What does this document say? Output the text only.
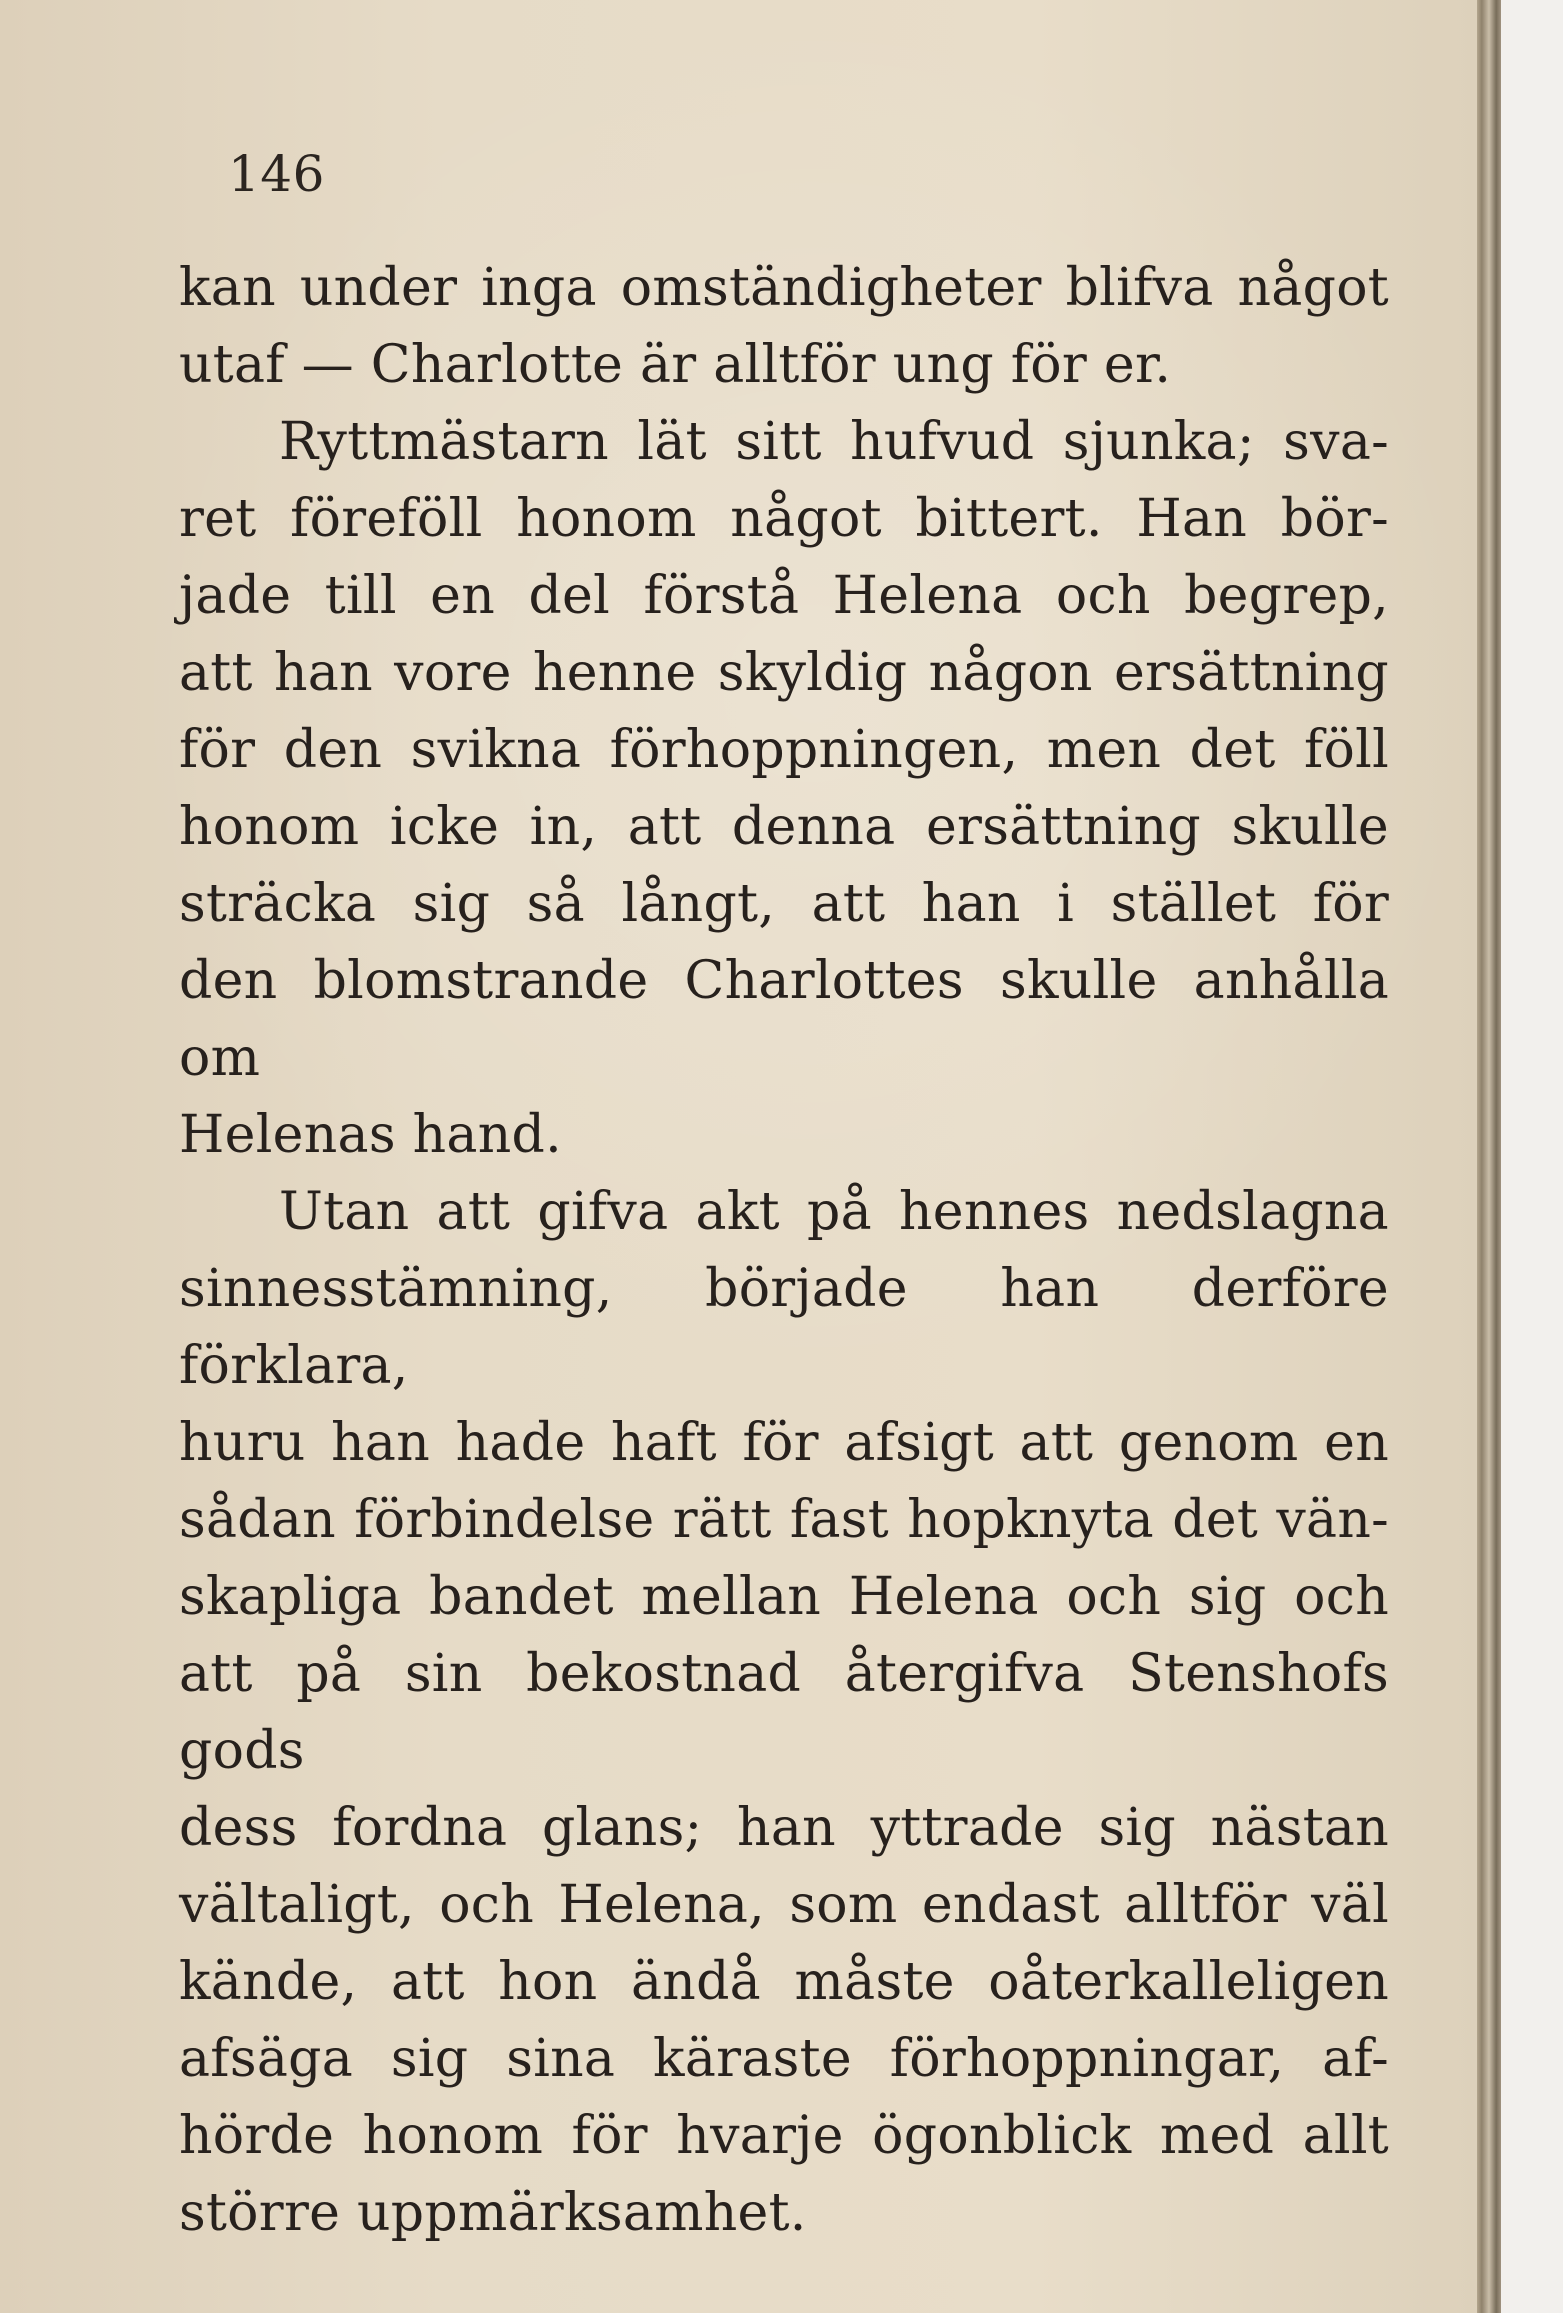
146
kan under inga omständigheter blifva något
utaf — Charlotte är alltför ung för er.
Ryttmästarn lät sitt hufvud sjunka; sva-
ret föreföll honom något bittert. Han bör-
jade till en del förstå Helena och begrep,
att han vore henne skyldig någon ersättning
för den svikna förhoppningen, men det föll
honom icke in, att denna ersättning skulle
sträcka sig så långt, att han i stället för
den blomstrande Charlottes skulle anhålla om
Helenas hand.
Utan att gifva akt på hennes nedslagna
sinnesstämning, började han derföre förklara,
huru han hade haft för afsigt att genom en
sådan förbindelse rätt fast hopknyta det vän-
skapliga bandet mellan Helena och sig och
att på sin bekostnad återgifva Stenshofs gods
dess fordna glans; han yttrade sig nästan
vältaligt, och Helena, som endast alltför väl
kände, att hon ändå måste oåterkalleligen
afsäga sig sina käraste förhoppningar, af-
hörde honom för hvarje ögonblick med allt
större uppmärksamhet.
